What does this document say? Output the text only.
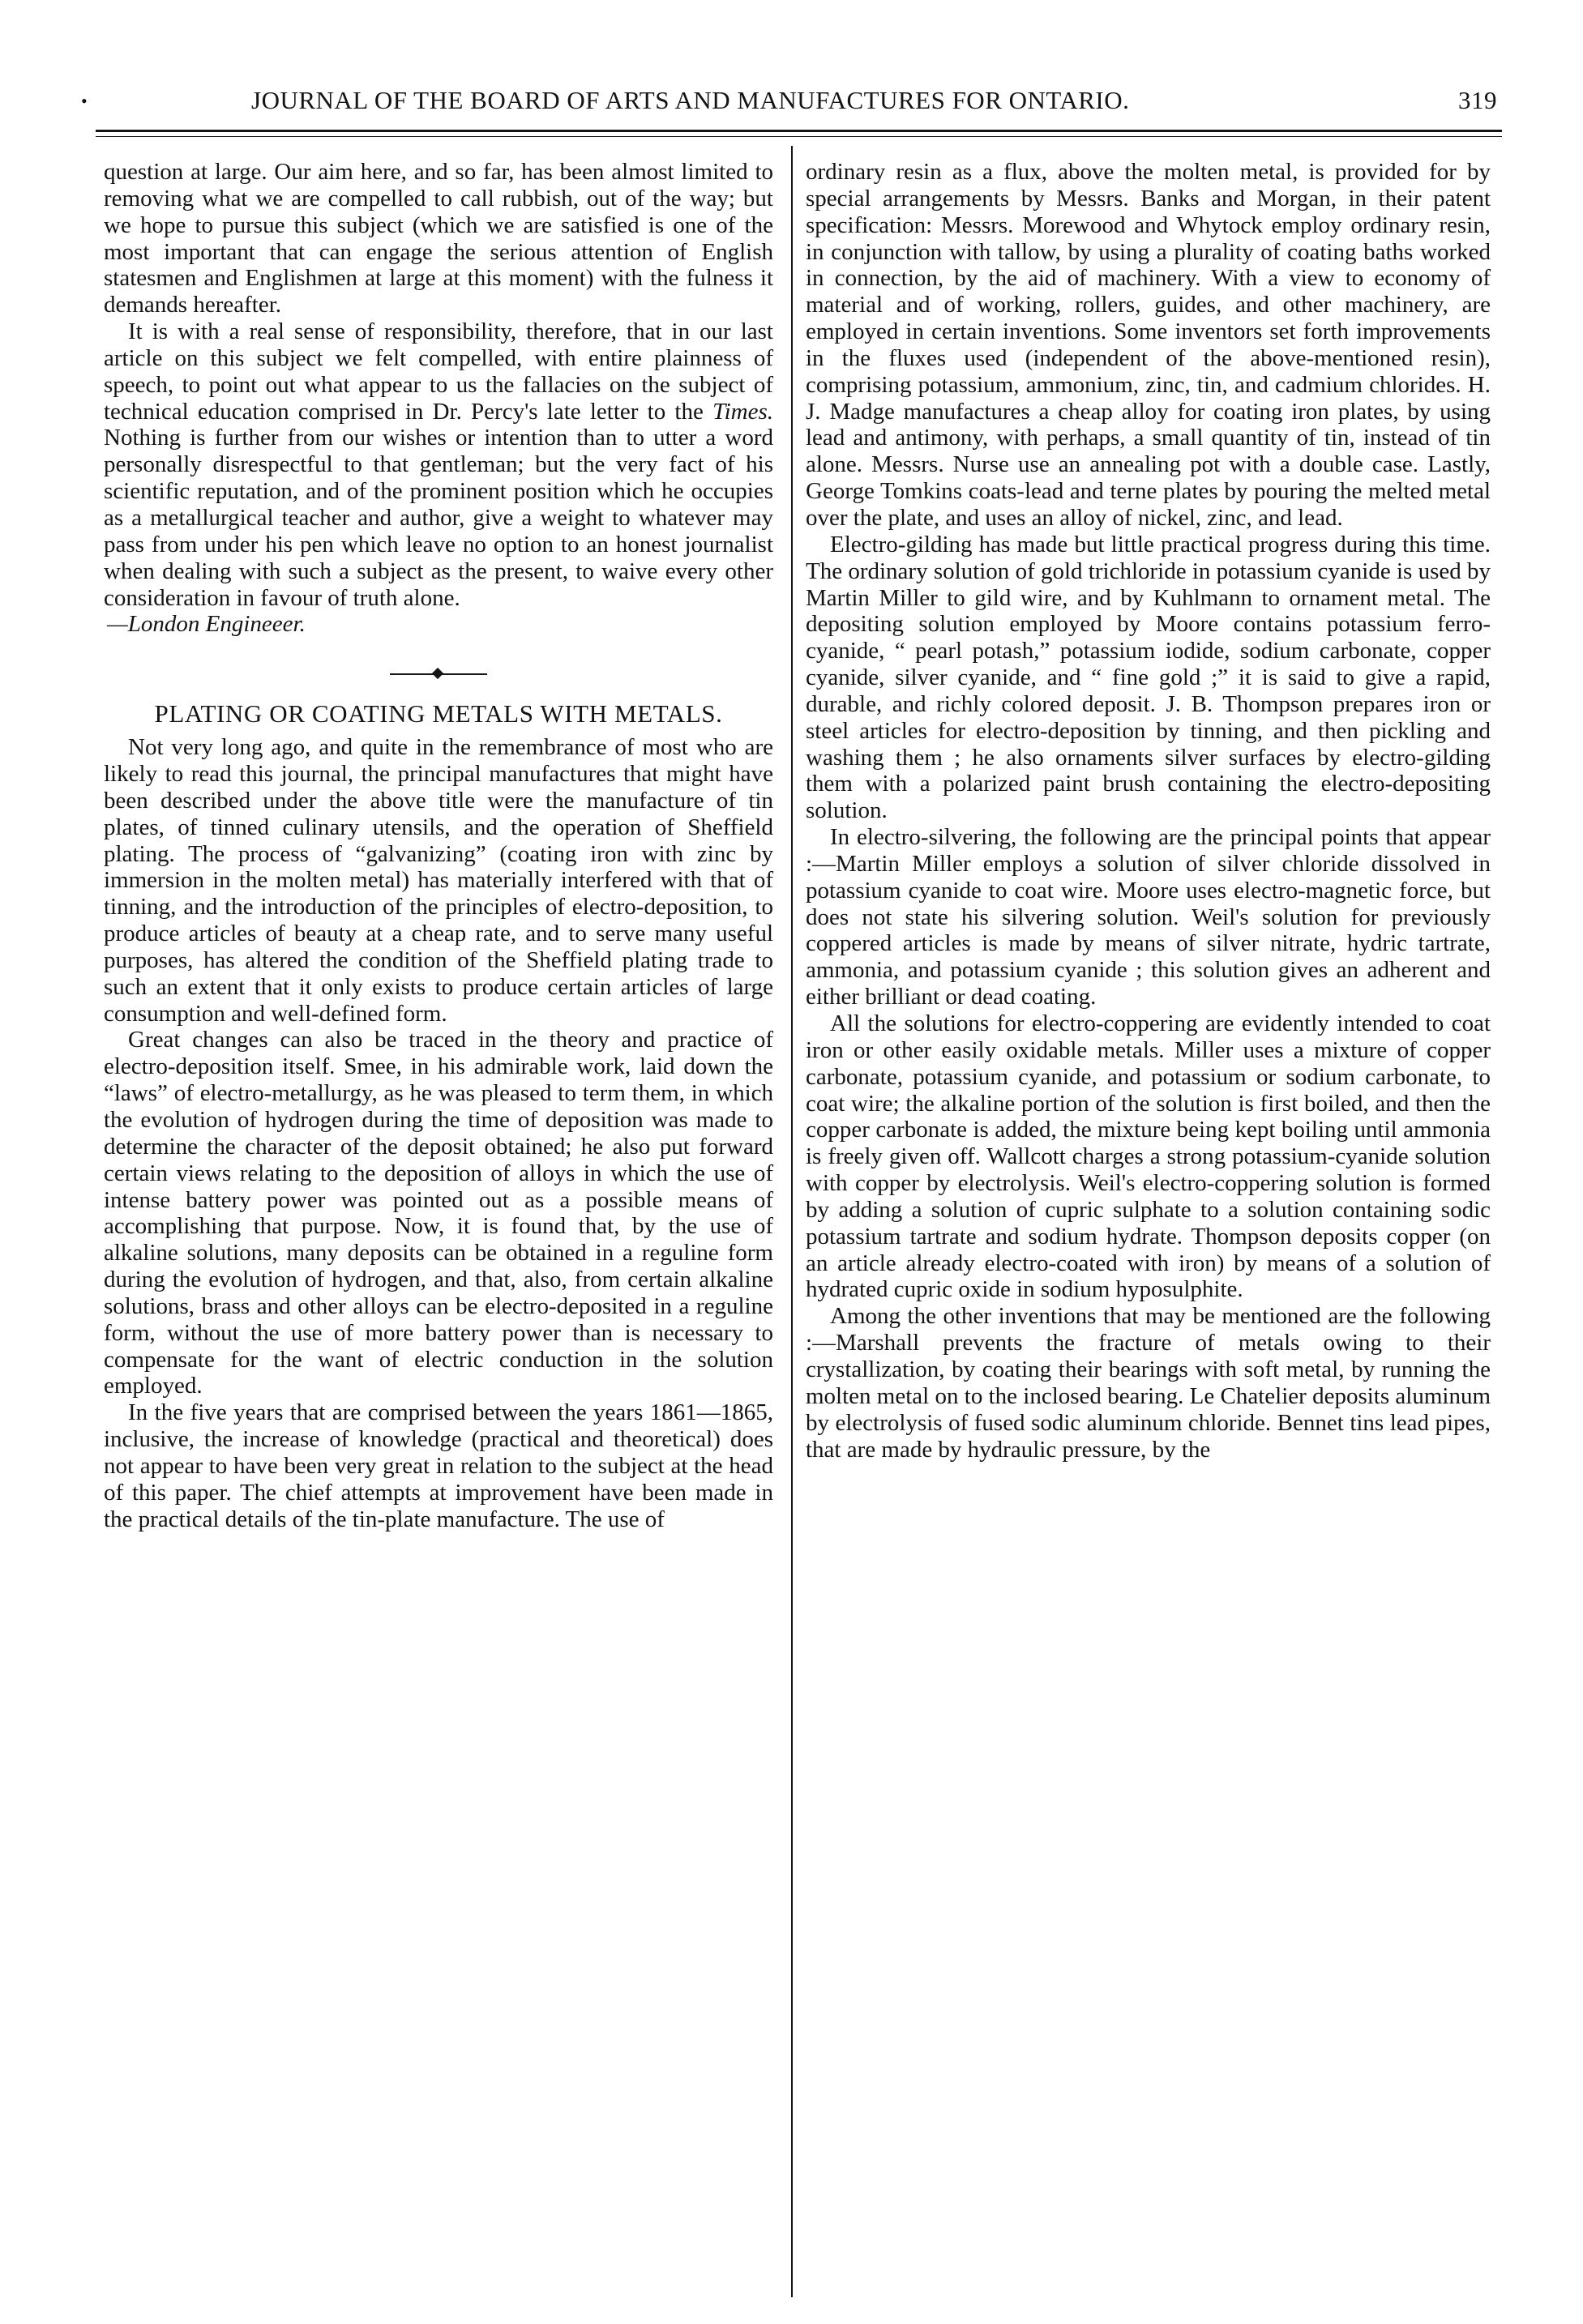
•	JOURNAL OF THE BOARD OF ARTS AND MANUFACTURES FOR ONTARIO.	319

question at large. Our aim here, and so far, has been almost limited to removing what we are compelled to call rubbish, out of the way; but we hope to pursue this subject (which we are satisfied is one of the most important that can engage the serious attention of English statesmen and Englishmen at large at this moment) with the fulness it demands hereafter.

It is with a real sense of responsibility, therefore, that in our last article on this subject we felt compelled, with entire plainness of speech, to point out what appear to us the fallacies on the subject of technical education comprised in Dr. Percy's late letter to the Times. Nothing is further from our wishes or intention than to utter a word personally disrespectful to that gentleman; but the very fact of his scientific reputation, and of the prominent position which he occupies as a metallurgical teacher and author, give a weight to whatever may pass from under his pen which leave no option to an honest journalist when dealing with such a subject as the present, to waive every other consideration in favour of truth alone.

—London Engineeer.

PLATING OR COATING METALS WITH METALS.

Not very long ago, and quite in the remembrance of most who are likely to read this journal, the principal manufactures that might have been described under the above title were the manufacture of tin plates, of tinned culinary utensils, and the operation of Sheffield plating. The process of “galvanizing” (coating iron with zinc by immersion in the molten metal) has materially interfered with that of tinning, and the introduction of the principles of electro-deposition, to produce articles of beauty at a cheap rate, and to serve many useful purposes, has altered the condition of the Sheffield plating trade to such an extent that it only exists to produce certain articles of large consumption and well-defined form.

Great changes can also be traced in the theory and practice of electro-deposition itself. Smee, in his admirable work, laid down the “laws” of electro-metallurgy, as he was pleased to term them, in which the evolution of hydrogen during the time of deposition was made to determine the character of the deposit obtained; he also put forward certain views relating to the deposition of alloys in which the use of intense battery power was pointed out as a possible means of accomplishing that purpose. Now, it is found that, by the use of alkaline solutions, many deposits can be obtained in a reguline form during the evolution of hydrogen, and that, also, from certain alkaline solutions, brass and other alloys can be electro-deposited in a reguline form, without the use of more battery power than is necessary to compensate for the want of electric conduction in the solution employed.

In the five years that are comprised between the years 1861—1865, inclusive, the increase of knowledge (practical and theoretical) does not appear to have been very great in relation to the subject at the head of this paper. The chief attempts at improvement have been made in the practical details of the tin-plate manufacture. The use of

ordinary resin as a flux, above the molten metal, is provided for by special arrangements by Messrs. Banks and Morgan, in their patent specification: Messrs. Morewood and Whytock employ ordinary resin, in conjunction with tallow, by using a plurality of coating baths worked in connection, by the aid of machinery. With a view to economy of material and of working, rollers, guides, and other machinery, are employed in certain inventions. Some inventors set forth improvements in the fluxes used (independent of the above-mentioned resin), comprising potassium, ammonium, zinc, tin, and cadmium chlorides. H. J. Madge manufactures a cheap alloy for coating iron plates, by using lead and antimony, with perhaps, a small quantity of tin, instead of tin alone. Messrs. Nurse use an annealing pot with a double case. Lastly, George Tomkins coats-lead and terne plates by pouring the melted metal over the plate, and uses an alloy of nickel, zinc, and lead.

Electro-gilding has made but little practical progress during this time. The ordinary solution of gold trichloride in potassium cyanide is used by Martin Miller to gild wire, and by Kuhlmann to ornament metal. The depositing solution employed by Moore contains potassium ferro-cyanide, “ pearl potash,” potassium iodide, sodium carbonate, copper cyanide, silver cyanide, and “ fine gold ;” it is said to give a rapid, durable, and richly colored deposit. J. B. Thompson prepares iron or steel articles for electro-deposition by tinning, and then pickling and washing them ; he also ornaments silver surfaces by electro-gilding them with a polarized paint brush containing the electro-depositing solution.

In electro-silvering, the following are the principal points that appear :—Martin Miller employs a solution of silver chloride dissolved in potassium cyanide to coat wire. Moore uses electro-magnetic force, but does not state his silvering solution. Weil's solution for previously coppered articles is made by means of silver nitrate, hydric tartrate, ammonia, and potassium cyanide ; this solution gives an adherent and either brilliant or dead coating.

All the solutions for electro-coppering are evidently intended to coat iron or other easily oxidable metals. Miller uses a mixture of copper carbonate, potassium cyanide, and potassium or sodium carbonate, to coat wire; the alkaline portion of the solution is first boiled, and then the copper carbonate is added, the mixture being kept boiling until ammonia is freely given off. Wallcott charges a strong potassium-cyanide solution with copper by electrolysis. Weil's electro-coppering solution is formed by adding a solution of cupric sulphate to a solution containing sodic potassium tartrate and sodium hydrate. Thompson deposits copper (on an article already electro-coated with iron) by means of a solution of hydrated cupric oxide in sodium hyposulphite.

Among the other inventions that may be mentioned are the following :—Marshall prevents the fracture of metals owing to their crystallization, by coating their bearings with soft metal, by running the molten metal on to the inclosed bearing. Le Chatelier deposits aluminum by electrolysis of fused sodic aluminum chloride. Bennet tins lead pipes, that are made by hydraulic pressure, by the
